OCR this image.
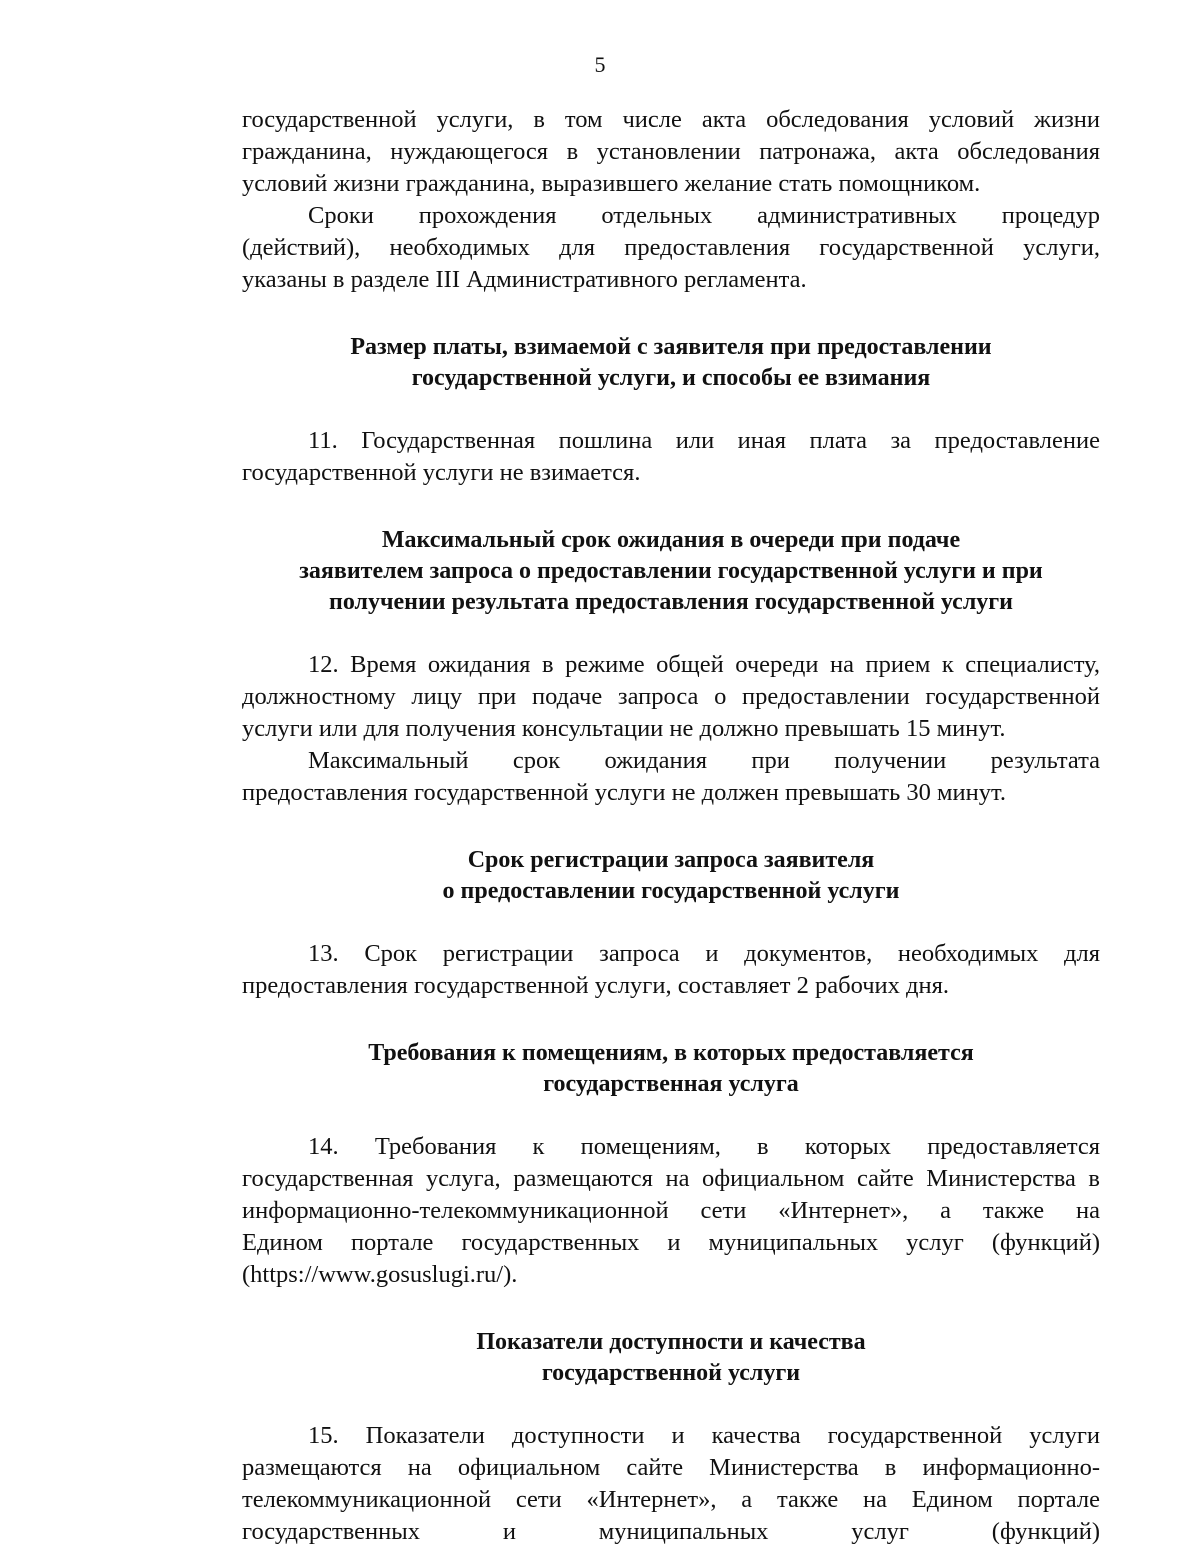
5

государственной услуги, в том числе акта обследования условий жизни
гражданина, нуждающегося в установлении патронажа, акта обследования
условий жизни гражданина, выразившего желание стать помощником.

Сроки прохождения отдельных административных процедур
(действий), необходимых для предоставления государственной услуги,
указаны в разделе III Административного регламента.

Размер платы, взимаемой с заявителя при предоставлении
государственной услуги, и способы ее взимания

11. Государственная пошлина или иная плата за предоставление
государственной услуги не взимается.

Максимальный срок ожидания в очереди при подаче
заявителем запроса о предоставлении государственной услуги и при
получении результата предоставления государственной услуги

12. Время ожидания в режиме общей очереди на прием к специалисту,
должностному лицу при подаче запроса о предоставлении государственной
услуги или для получения консультации не должно превышать 15 минут.

Максимальный срок ожидания при получении результата
предоставления государственной услуги не должен превышать 30 минут.

Срок регистрации запроса заявителя
о предоставлении государственной услуги

13. Срок регистрации запроса и документов, необходимых для
предоставления государственной услуги, составляет 2 рабочих дня.

Требования к помещениям, в которых предоставляется
государственная услуга

14. Требования к помещениям, в которых предоставляется
государственная услуга, размещаются на официальном сайте Министерства в
информационно-телекоммуникационной сети «Интернет», а также на
Едином портале государственных и муниципальных услуг (функций)
(https://www.gosuslugi.ru/).

Показатели доступности и качества
государственной услуги

15. Показатели доступности и качества государственной услуги
размещаются на официальном сайте Министерства в информационно-
телекоммуникационной сети «Интернет», а также на Едином портале
государственных и муниципальных услуг (функций)
